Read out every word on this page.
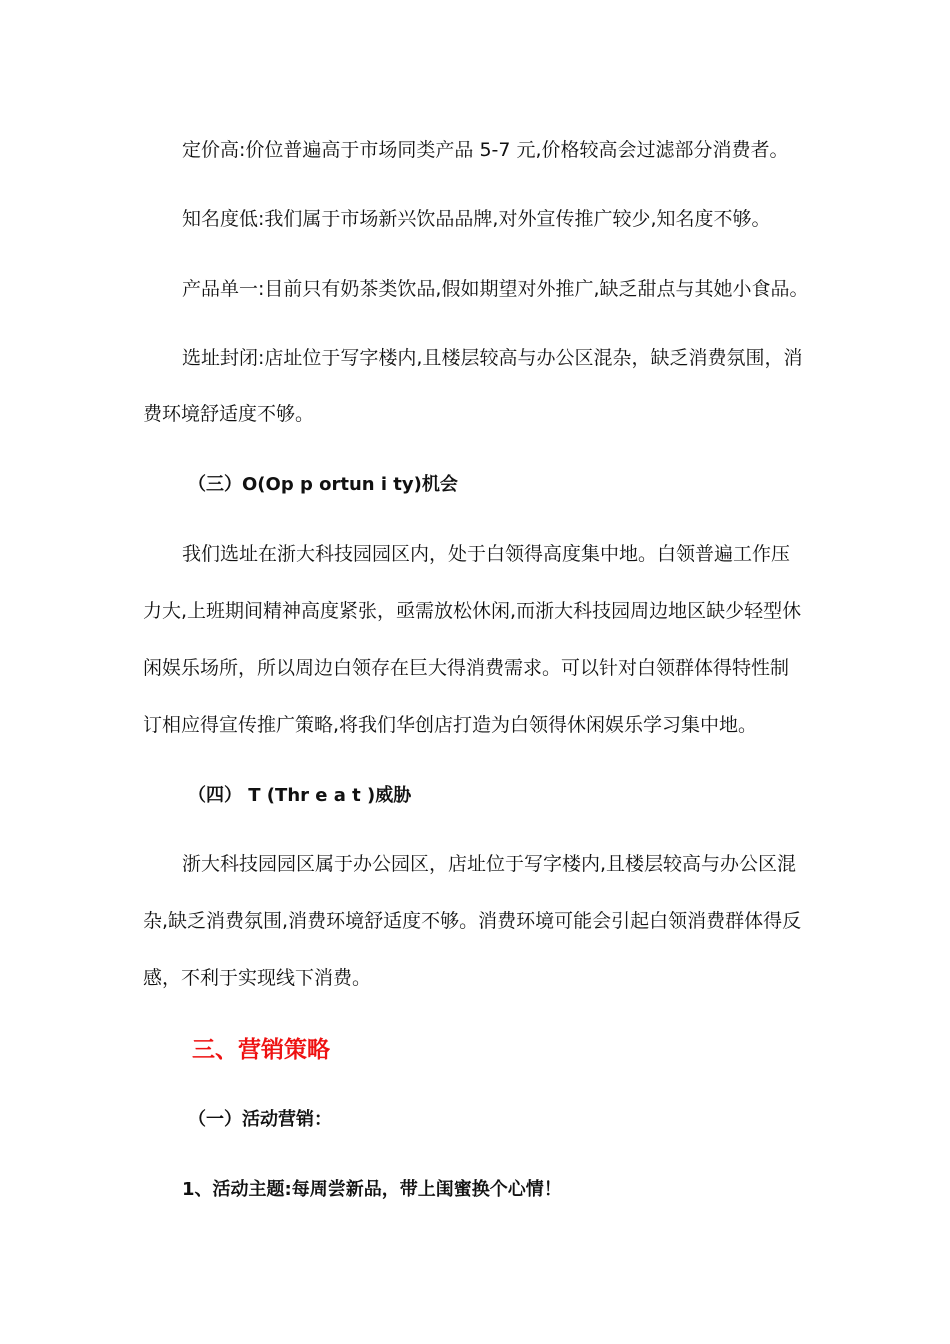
定价高:价位普遍高于市场同类产品 5-7 元,价格较高会过滤部分消费者。
知名度低:我们属于市场新兴饮品品牌,对外宣传推广较少,知名度不够。
产品单一:目前只有奶茶类饮品,假如期望对外推广,缺乏甜点与其她小食品。
选址封闭:店址位于写字楼内,且楼层较高与办公区混杂，缺乏消费氛围，消
费环境舒适度不够。
（三）O(Op p ortun i ty)机会
我们选址在浙大科技园园区内，处于白领得高度集中地。白领普遍工作压
力大,上班期间精神高度紧张，亟需放松休闲,而浙大科技园周边地区缺少轻型休
闲娱乐场所，所以周边白领存在巨大得消费需求。可以针对白领群体得特性制
订相应得宣传推广策略,将我们华创店打造为白领得休闲娱乐学习集中地。
（四） T (Thr e a t )威胁
浙大科技园园区属于办公园区，店址位于写字楼内,且楼层较高与办公区混
杂,缺乏消费氛围,消费环境舒适度不够。消费环境可能会引起白领消费群体得反
感，不利于实现线下消费。
三、营销策略
（一）活动营销：
1、活动主题:每周尝新品，带上闺蜜换个心情！
